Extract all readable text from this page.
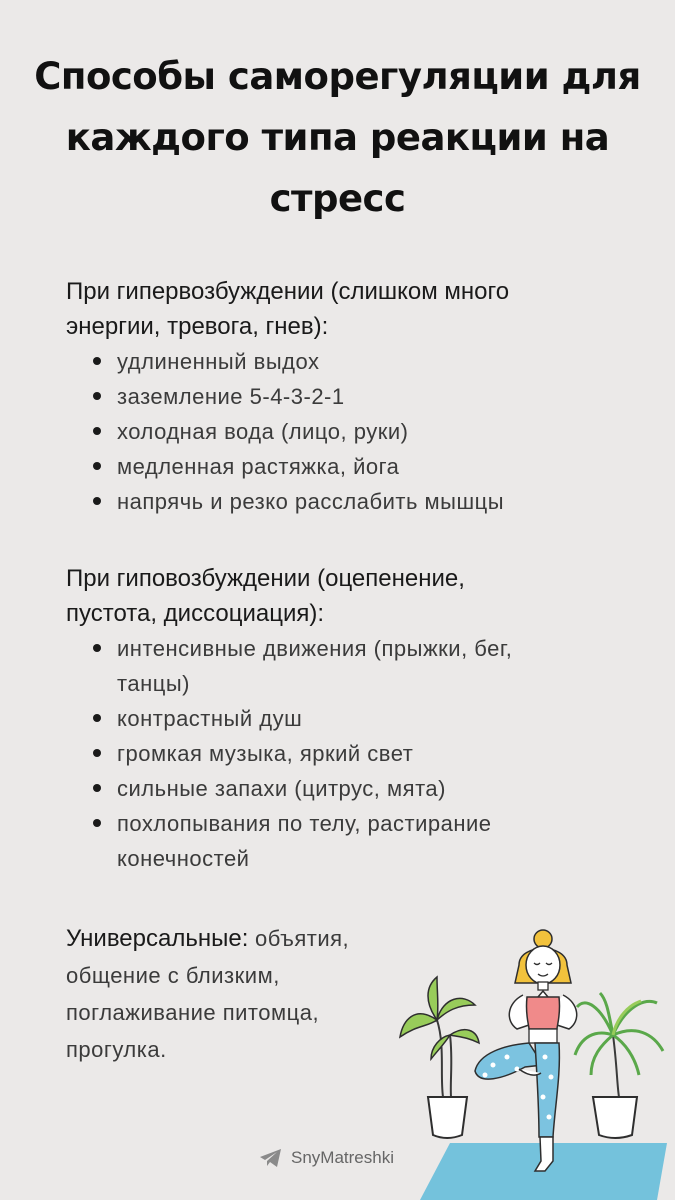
Способы саморегуляции для
каждого типа реакции на
стресс

При гипервозбуждении (слишком много
энергии, тревога, гнев):

удлиненный выдох
заземление 5-4-3-2-1
холодная вода (лицо, руки)
медленная растяжка, йога
напрячь и резко расслабить мышцы

При гиповозбуждении (оцепенение,
пустота, диссоциация):

интенсивные движения (прыжки, бег,
танцы)
контрастный душ
громкая музыка, яркий свет
сильные запахи (цитрус, мята)
похлопывания по телу, растирание
конечностей
Универсальные: объятия,
общение с близким,
поглаживание питомца,
прогулка.
SnyMatreshki
